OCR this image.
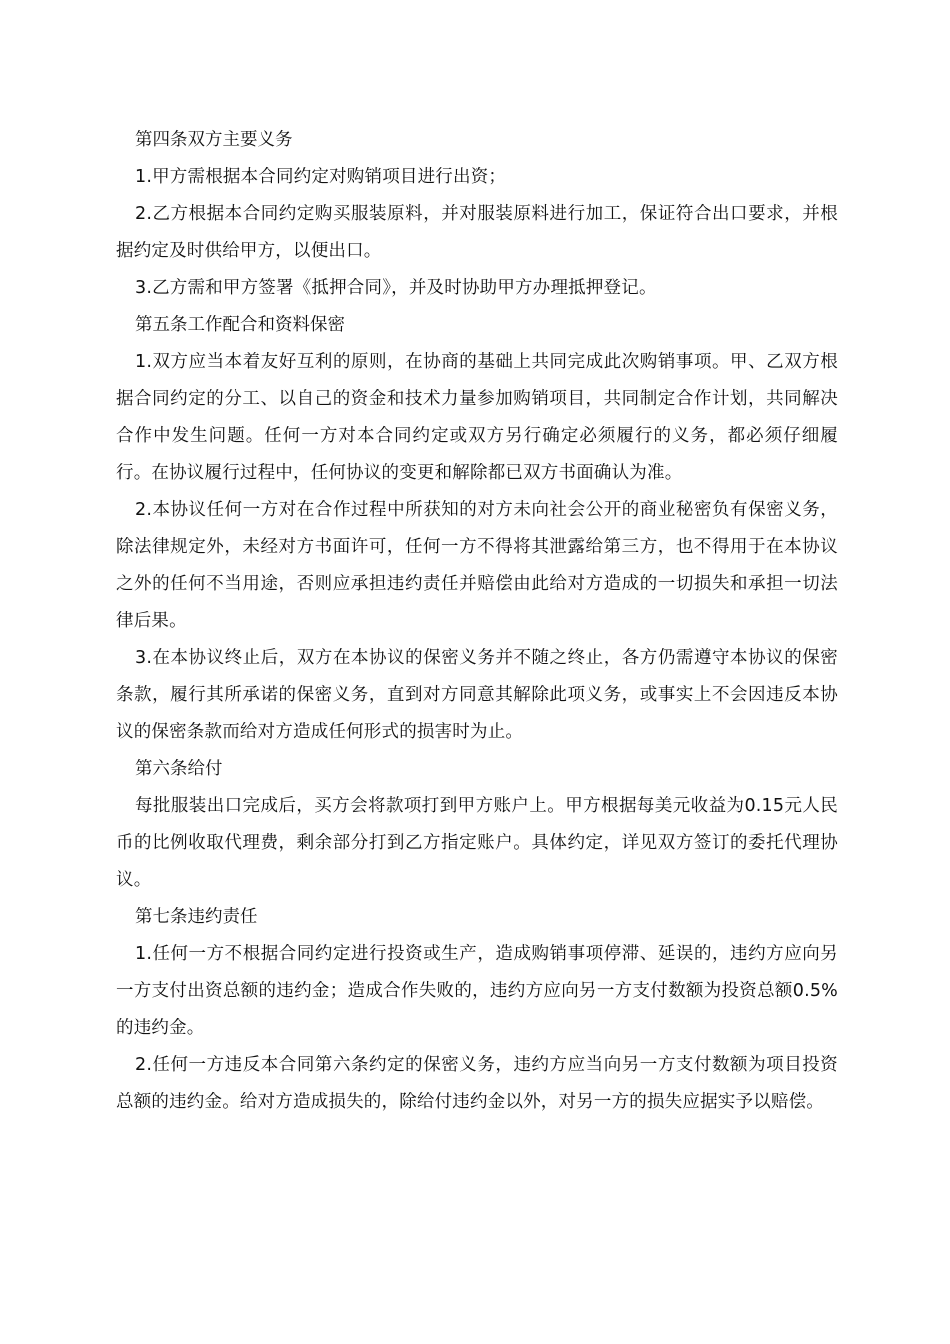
第四条双方主要义务

1.甲方需根据本合同约定对购销项目进行出资；

2.乙方根据本合同约定购买服装原料，并对服装原料进行加工，保证符合出口要求，并根据约定及时供给甲方，以便出口。

3.乙方需和甲方签署《抵押合同》，并及时协助甲方办理抵押登记。

第五条工作配合和资料保密

1.双方应当本着友好互利的原则，在协商的基础上共同完成此次购销事项。甲、乙双方根据合同约定的分工、以自己的资金和技术力量参加购销项目，共同制定合作计划，共同解决合作中发生问题。任何一方对本合同约定或双方另行确定必须履行的义务，都必须仔细履行。在协议履行过程中，任何协议的变更和解除都已双方书面确认为准。

2.本协议任何一方对在合作过程中所获知的对方未向社会公开的商业秘密负有保密义务，除法律规定外，未经对方书面许可，任何一方不得将其泄露给第三方，也不得用于在本协议之外的任何不当用途，否则应承担违约责任并赔偿由此给对方造成的一切损失和承担一切法律后果。

3.在本协议终止后，双方在本协议的保密义务并不随之终止，各方仍需遵守本协议的保密条款，履行其所承诺的保密义务，直到对方同意其解除此项义务，或事实上不会因违反本协议的保密条款而给对方造成任何形式的损害时为止。

第六条给付

每批服装出口完成后，买方会将款项打到甲方账户上。甲方根据每美元收益为0.15元人民币的比例收取代理费，剩余部分打到乙方指定账户。具体约定，详见双方签订的委托代理协议。

第七条违约责任

1.任何一方不根据合同约定进行投资或生产，造成购销事项停滞、延误的，违约方应向另一方支付出资总额的违约金；造成合作失败的，违约方应向另一方支付数额为投资总额0.5%的违约金。

2.任何一方违反本合同第六条约定的保密义务，违约方应当向另一方支付数额为项目投资总额的违约金。给对方造成损失的，除给付违约金以外，对另一方的损失应据实予以赔偿。
